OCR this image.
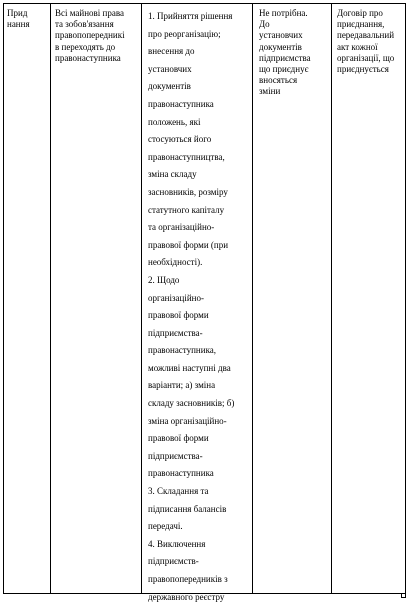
Прид
нання
Всі майнові права
та зобов'язання
правопопередникі
в переходять до
правонаступника
1. Прийняття рішення
про реорганізацію;
внесення до
установчих
документів
правонаступника
положень, які
стосуються його
правонаступництва,
зміна складу
засновників, розміру
статутного капіталу
та організаційно-
правової форми (при
необхідності).
2. Щодо
організаційно-
правової форми
підприємства-
правонаступника,
можливі наступні два
варіанти; а) зміна
складу засновників; б)
зміна організаційно-
правової форми
підприємства-
правонаступника
3. Складання та
підписання балансів
передачі.
4. Виключення
підприємств-
правопопередників з
державного реєстру
Не потрібна.
До
установчих
документів
підприємства
що приєднує
вносяться
зміни
Договір про
приєднання,
передавальний
акт кожної
організації, що
приєднується
